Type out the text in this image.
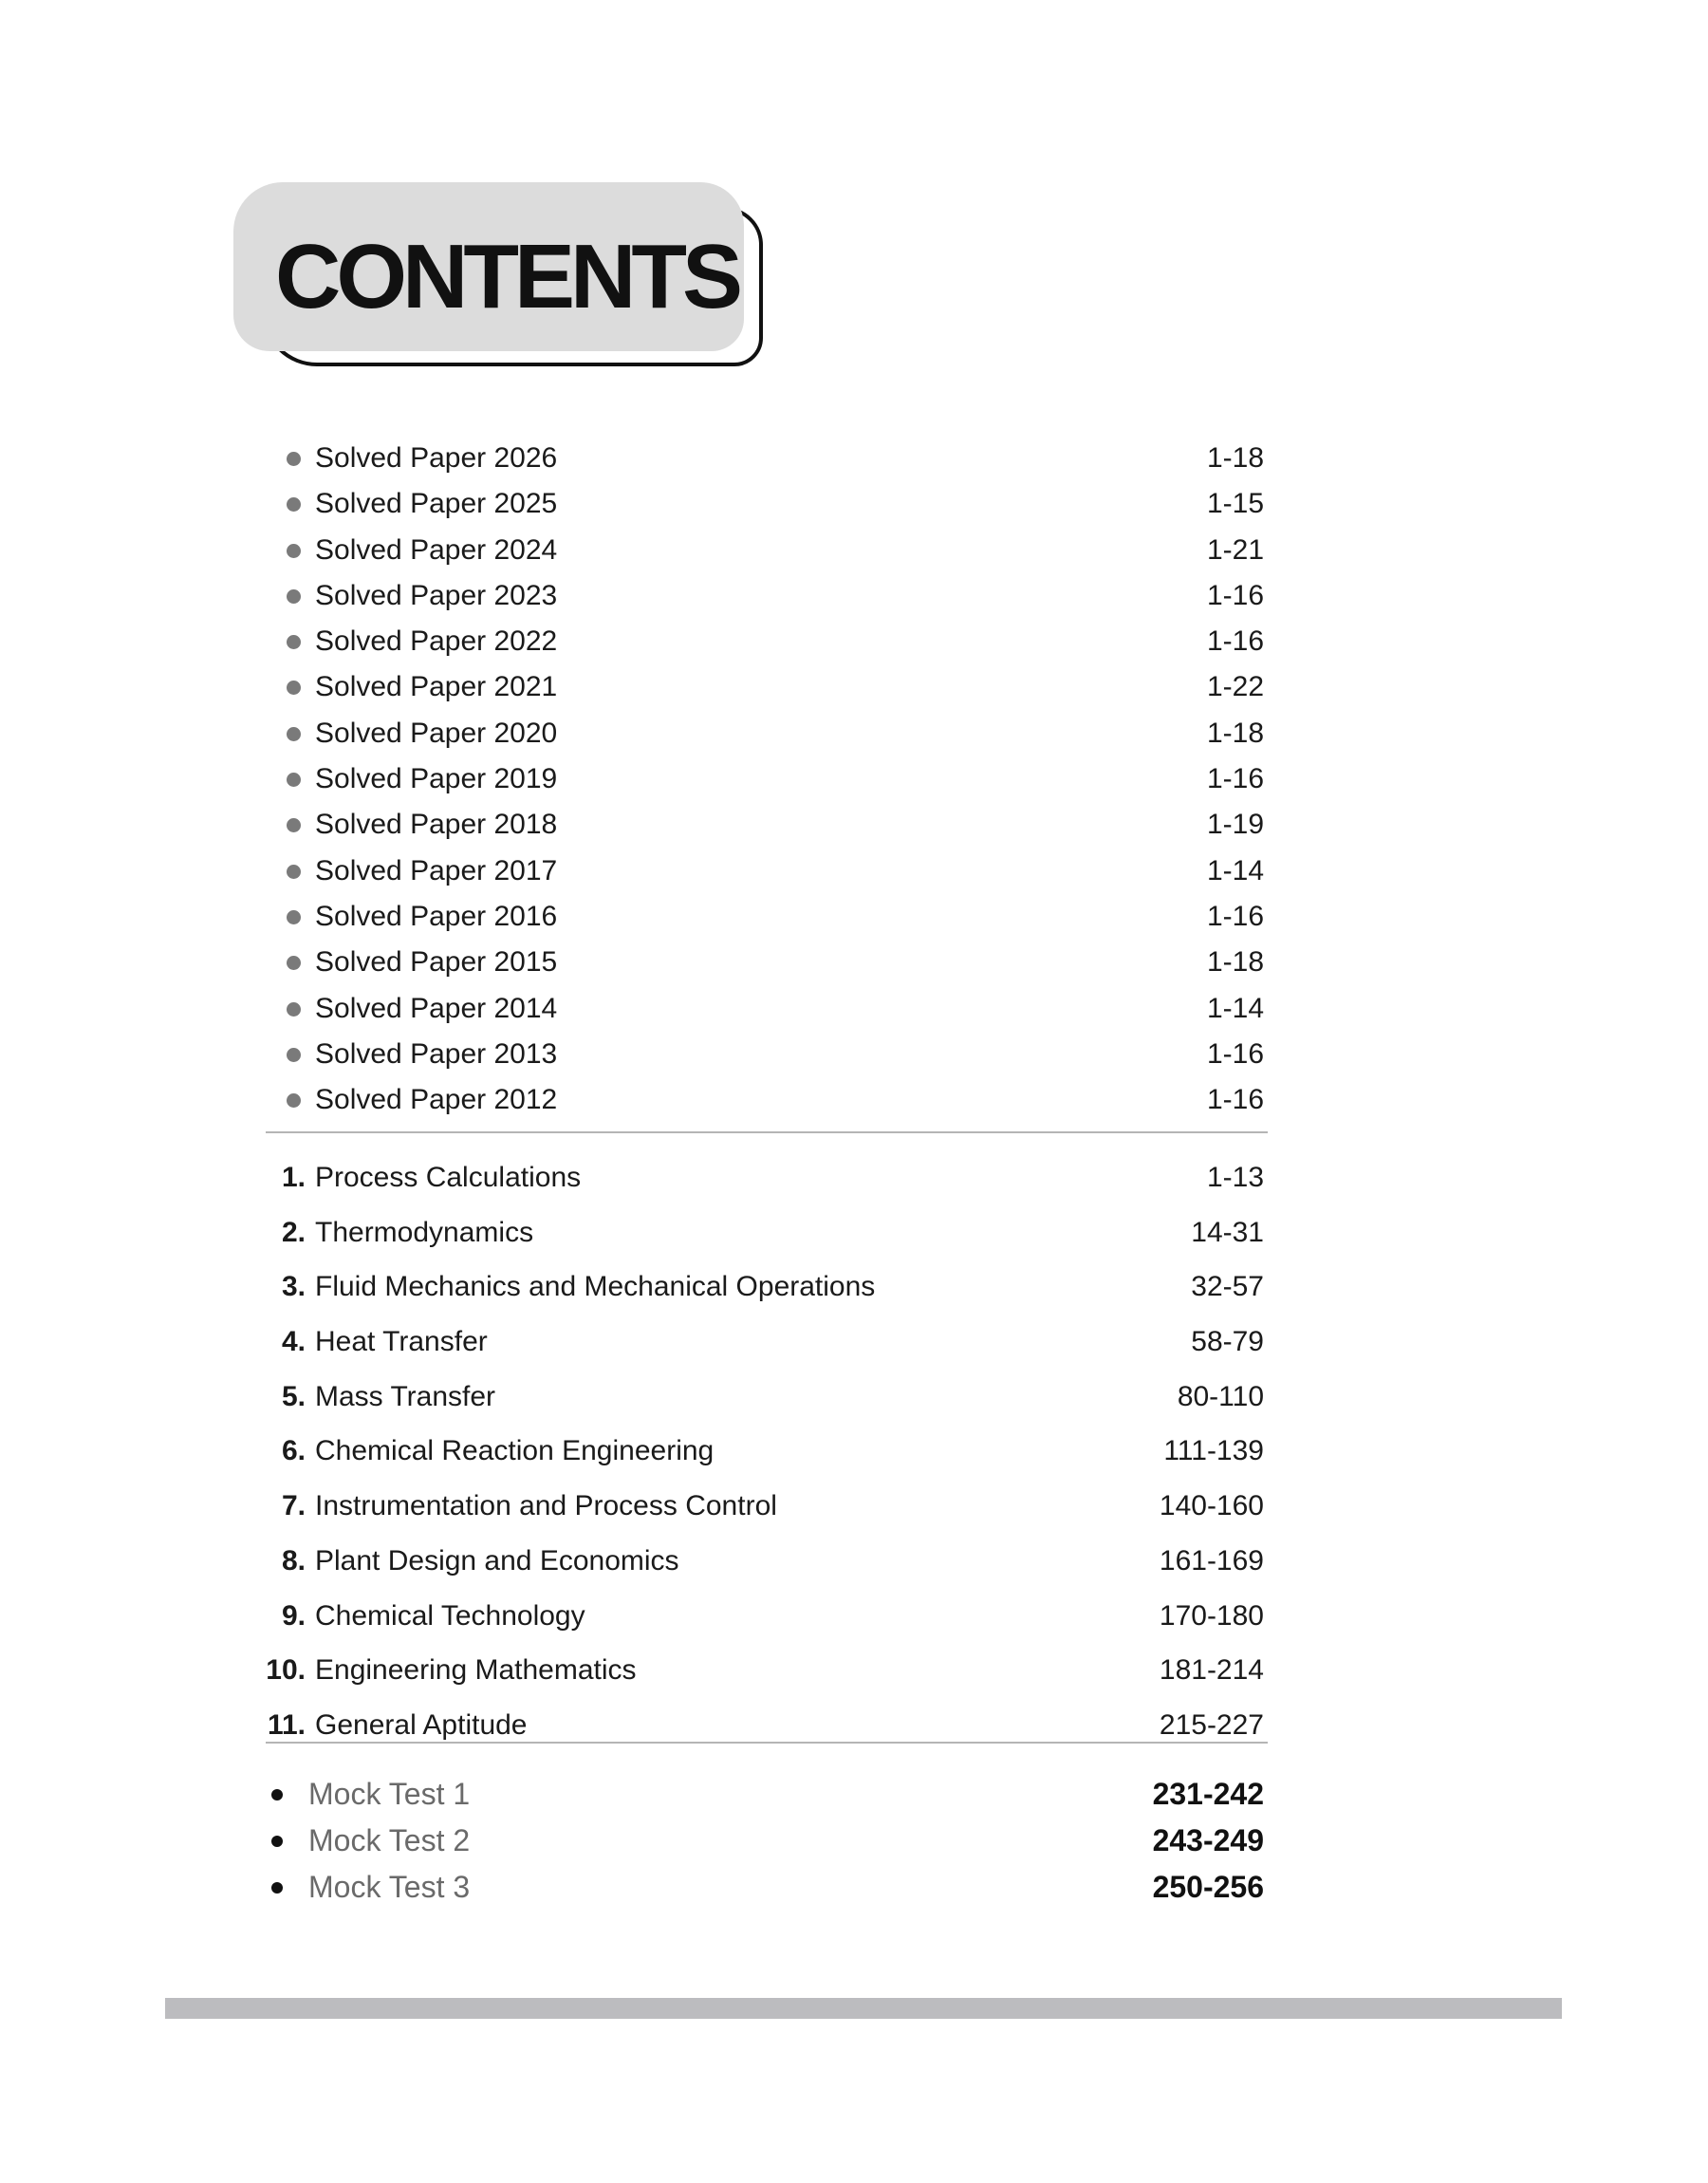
CONTENTS
Solved Paper 2026	1-18
Solved Paper 2025	1-15
Solved Paper 2024	1-21
Solved Paper 2023	1-16
Solved Paper 2022	1-16
Solved Paper 2021	1-22
Solved Paper 2020	1-18
Solved Paper 2019	1-16
Solved Paper 2018	1-19
Solved Paper 2017	1-14
Solved Paper 2016	1-16
Solved Paper 2015	1-18
Solved Paper 2014	1-14
Solved Paper 2013	1-16
Solved Paper 2012	1-16
1. Process Calculations	1-13
2. Thermodynamics	14-31
3. Fluid Mechanics and Mechanical Operations	32-57
4. Heat Transfer	58-79
5. Mass Transfer	80-110
6. Chemical Reaction Engineering	111-139
7. Instrumentation and Process Control	140-160
8. Plant Design and Economics	161-169
9. Chemical Technology	170-180
10. Engineering Mathematics	181-214
11. General Aptitude	215-227
Mock Test 1	231-242
Mock Test 2	243-249
Mock Test 3	250-256
